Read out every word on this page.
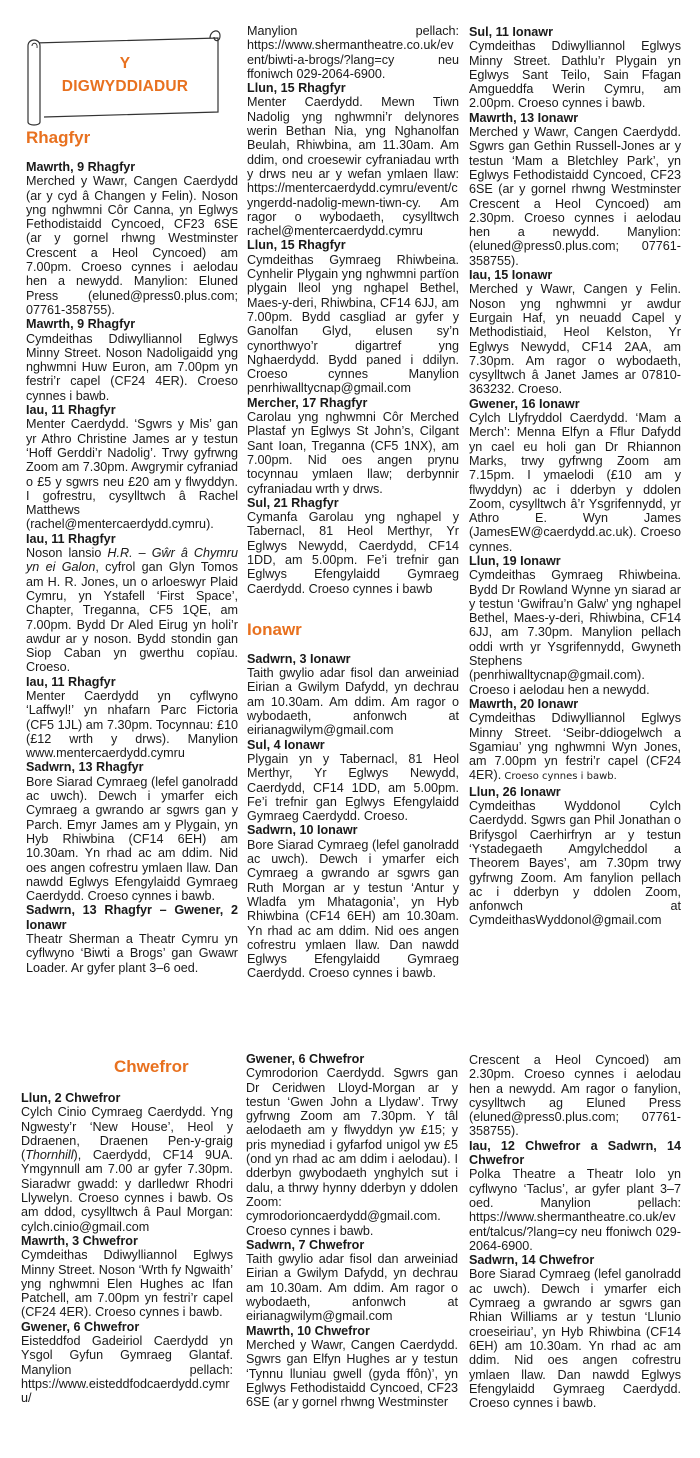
Y
DIGWYDDIADUR

Rhagfyr

Mawrth, 9 Rhagfyr

Merched y Wawr, Cangen Caerdydd (ar y cyd â Changen y Felin). Noson yng nghwmni Côr Canna, yn Eglwys Fethodistaidd Cyncoed, CF23 6SE (ar y gornel rhwng Westminster Crescent a Heol Cyncoed) am 7.00pm. Croeso cynnes i aelodau hen a newydd. Manylion: Eluned Press (eluned@press0.plus.com; 07761-358755).

Mawrth, 9 Rhagfyr

Cymdeithas Ddiwylliannol Eglwys Minny Street. Noson Nadoligaidd yng nghwmni Huw Euron, am 7.00pm yn festri’r capel (CF24 4ER). Croeso cynnes i bawb.

Iau, 11 Rhagfyr

Menter Caerdydd. ‘Sgwrs y Mis’ gan yr Athro Christine James ar y testun ‘Hoff Gerddi’r Nadolig’. Trwy gyfrwng Zoom am 7.30pm. Awgrymir cyfraniad o £5 y sgwrs neu £20 am y flwyddyn. I gofrestru, cysylltwch â Rachel Matthews (rachel@mentercaerdydd.cymru).

Iau, 11 Rhagfyr

Noson lansio H.R. – Gŵr â Chymru yn ei Galon, cyfrol gan Glyn Tomos am H. R. Jones, un o arloeswyr Plaid Cymru, yn Ystafell ‘First Space’, Chapter, Treganna, CF5 1QE, am 7.00pm. Bydd Dr Aled Eirug yn holi’r awdur ar y noson. Bydd stondin gan Siop Caban yn gwerthu copïau. Croeso.

Iau, 11 Rhagfyr

Menter Caerdydd yn cyflwyno ‘Laffwyl!’ yn nhafarn Parc Fictoria (CF5 1JL) am 7.30pm. Tocynnau: £10 (£12 wrth y drws). Manylion www.mentercaerdydd.cymru

Sadwrn, 13 Rhagfyr

Bore Siarad Cymraeg (lefel ganolradd ac uwch). Dewch i ymarfer eich Cymraeg a gwrando ar sgwrs gan y Parch. Emyr James am y Plygain, yn Hyb Rhiwbina (CF14 6EH) am 10.30am. Yn rhad ac am ddim. Nid oes angen cofrestru ymlaen llaw. Dan nawdd Eglwys Efengylaidd Gymraeg Caerdydd. Croeso cynnes i bawb.

Sadwrn, 13 Rhagfyr – Gwener, 2 Ionawr

Theatr Sherman a Theatr Cymru yn cyflwyno ‘Biwti a Brogs’ gan Gwawr Loader. Ar gyfer plant 3–6 oed.

Manylion pellach: https://www.shermantheatre.co.uk/event/biwti-a-brogs/?lang=cy neu ffoniwch 029-2064-6900.

Llun, 15 Rhagfyr

Menter Caerdydd. Mewn Tiwn Nadolig yng nghwmni’r delynores werin Bethan Nia, yng Nghanolfan Beulah, Rhiwbina, am 11.30am. Am ddim, ond croesewir cyfraniadau wrth y drws neu ar y wefan ymlaen llaw: https://mentercaerdydd.cymru/event/cyngerdd-nadolig-mewn-tiwn-cy. Am ragor o wybodaeth, cysylltwch rachel@mentercaerdydd.cymru

Llun, 15 Rhagfyr

Cymdeithas Gymraeg Rhiwbeina. Cynhelir Plygain yng nghwmni partïon plygain lleol yng nghapel Bethel, Maes-y-deri, Rhiwbina, CF14 6JJ, am 7.00pm. Bydd casgliad ar gyfer y Ganolfan Glyd, elusen sy’n cynorthwyo’r digartref yng Nghaerdydd. Bydd paned i ddilyn. Croeso cynnes Manylion penrhiwalltycnap@gmail.com

Mercher, 17 Rhagfyr

Carolau yng nghwmni Côr Merched Plastaf yn Eglwys St John’s, Cilgant Sant Ioan, Treganna (CF5 1NX), am 7.00pm. Nid oes angen prynu tocynnau ymlaen llaw; derbynnir cyfraniadau wrth y drws.

Sul, 21 Rhagfyr

Cymanfa Garolau yng nghapel y Tabernacl, 81 Heol Merthyr, Yr Eglwys Newydd, Caerdydd, CF14 1DD, am 5.00pm. Fe’i trefnir gan Eglwys Efengylaidd Gymraeg Caerdydd. Croeso cynnes i bawb

Ionawr

Sadwrn, 3 Ionawr

Taith gwylio adar fisol dan arweiniad Eirian a Gwilym Dafydd, yn dechrau am 10.30am. Am ddim. Am ragor o wybodaeth, anfonwch at eirianagwilym@gmail.com

Sul, 4 Ionawr

Plygain yn y Tabernacl, 81 Heol Merthyr, Yr Eglwys Newydd, Caerdydd, CF14 1DD, am 5.00pm. Fe’i trefnir gan Eglwys Efengylaidd Gymraeg Caerdydd. Croeso.

Sadwrn, 10 Ionawr

Bore Siarad Cymraeg (lefel ganolradd ac uwch). Dewch i ymarfer eich Cymraeg a gwrando ar sgwrs gan Ruth Morgan ar y testun ‘Antur y Wladfa ym Mhatagonia’, yn Hyb Rhiwbina (CF14 6EH) am 10.30am. Yn rhad ac am ddim. Nid oes angen cofrestru ymlaen llaw. Dan nawdd Eglwys Efengylaidd Gymraeg Caerdydd. Croeso cynnes i bawb.

Sul, 11 Ionawr

Cymdeithas Ddiwylliannol Eglwys Minny Street. Dathlu’r Plygain yn Eglwys Sant Teilo, Sain Ffagan Amgueddfa Werin Cymru, am 2.00pm. Croeso cynnes i bawb.

Mawrth, 13 Ionawr

Merched y Wawr, Cangen Caerdydd. Sgwrs gan Gethin Russell-Jones ar y testun ‘Mam a Bletchley Park’, yn Eglwys Fethodistaidd Cyncoed, CF23 6SE (ar y gornel rhwng Westminster Crescent a Heol Cyncoed) am 2.30pm. Croeso cynnes i aelodau hen a newydd. Manylion: (eluned@press0.plus.com; 07761-358755).

Iau, 15 Ionawr

Merched y Wawr, Cangen y Felin. Noson yng nghwmni yr awdur Eurgain Haf, yn neuadd Capel y Methodistiaid, Heol Kelston, Yr Eglwys Newydd, CF14 2AA, am 7.30pm. Am ragor o wybodaeth, cysylltwch â Janet James ar 07810-363232. Croeso.

Gwener, 16 Ionawr

Cylch Llyfryddol Caerdydd. ‘Mam a Merch’: Menna Elfyn a Fflur Dafydd yn cael eu holi gan Dr Rhiannon Marks, trwy gyfrwng Zoom am 7.15pm. I ymaelodi (£10 am y flwyddyn) ac i dderbyn y ddolen Zoom, cysylltwch â’r Ysgrifennydd, yr Athro E. Wyn James (JamesEW@caerdydd.ac.uk). Croeso cynnes.

Llun, 19 Ionawr

Cymdeithas Gymraeg Rhiwbeina. Bydd Dr Rowland Wynne yn siarad ar y testun ‘Gwifrau’n Galw’ yng nghapel Bethel, Maes-y-deri, Rhiwbina, CF14 6JJ, am 7.30pm. Manylion pellach oddi wrth yr Ysgrifennydd, Gwyneth Stephens (penrhiwalltycnap@gmail.com). Croeso i aelodau hen a newydd.

Mawrth, 20 Ionawr

Cymdeithas Ddiwylliannol Eglwys Minny Street. ‘Seibr-ddiogelwch a Sgamiau’ yng nghwmni Wyn Jones, am 7.00pm yn festri’r capel (CF24 4ER). Croeso cynnes i bawb.

Llun, 26 Ionawr

Cymdeithas Wyddonol Cylch Caerdydd. Sgwrs gan Phil Jonathan o Brifysgol Caerhirfryn ar y testun ‘Ystadegaeth Amgylcheddol a Theorem Bayes’, am 7.30pm trwy gyfrwng Zoom. Am fanylion pellach ac i dderbyn y ddolen Zoom, anfonwch at CymdeithasWyddonol@gmail.com

Chwefror

Llun, 2 Chwefror

Cylch Cinio Cymraeg Caerdydd. Yng Ngwesty’r ‘New House’, Heol y Ddraenen, Draenen Pen-y-graig (Thornhill), Caerdydd, CF14 9UA. Ymgynnull am 7.00 ar gyfer 7.30pm. Siaradwr gwadd: y darlledwr Rhodri Llywelyn. Croeso cynnes i bawb. Os am ddod, cysylltwch â Paul Morgan: cylch.cinio@gmail.com

Mawrth, 3 Chwefror

Cymdeithas Ddiwylliannol Eglwys Minny Street. Noson ‘Wrth fy Ngwaith’ yng nghwmni Elen Hughes ac Ifan Patchell, am 7.00pm yn festri’r capel (CF24 4ER). Croeso cynnes i bawb.

Gwener, 6 Chwefror

Eisteddfod Gadeiriol Caerdydd yn Ysgol Gyfun Gymraeg Glantaf. Manylion pellach: https://www.eisteddfodcaerdydd.cymru/

Gwener, 6 Chwefror

Cymrodorion Caerdydd. Sgwrs gan Dr Ceridwen Lloyd-Morgan ar y testun ‘Gwen John a Llydaw’. Trwy gyfrwng Zoom am 7.30pm. Y tâl aelodaeth am y flwyddyn yw £15; y pris mynediad i gyfarfod unigol yw £5 (ond yn rhad ac am ddim i aelodau). I dderbyn gwybodaeth ynghylch sut i dalu, a thrwy hynny dderbyn y ddolen Zoom: cymrodorioncaerdydd@gmail.com. Croeso cynnes i bawb.

Sadwrn, 7 Chwefror

Taith gwylio adar fisol dan arweiniad Eirian a Gwilym Dafydd, yn dechrau am 10.30am. Am ddim. Am ragor o wybodaeth, anfonwch at eirianagwilym@gmail.com

Mawrth, 10 Chwefror

Merched y Wawr, Cangen Caerdydd. Sgwrs gan Elfyn Hughes ar y testun ‘Tynnu lluniau gwell (gyda ffôn)’, yn Eglwys Fethodistaidd Cyncoed, CF23 6SE (ar y gornel rhwng Westminster

Crescent a Heol Cyncoed) am 2.30pm. Croeso cynnes i aelodau hen a newydd. Am ragor o fanylion, cysylltwch ag Eluned Press (eluned@press0.plus.com; 07761-358755).

Iau, 12 Chwefror a Sadwrn, 14 Chwefror

Polka Theatre a Theatr Iolo yn cyflwyno ‘Taclus’, ar gyfer plant 3–7 oed. Manylion pellach: https://www.shermantheatre.co.uk/event/talcus/?lang=cy neu ffoniwch 029-2064-6900.

Sadwrn, 14 Chwefror

Bore Siarad Cymraeg (lefel ganolradd ac uwch). Dewch i ymarfer eich Cymraeg a gwrando ar sgwrs gan Rhian Williams ar y testun ‘Llunio croeseiriau’, yn Hyb Rhiwbina (CF14 6EH) am 10.30am. Yn rhad ac am ddim. Nid oes angen cofrestru ymlaen llaw. Dan nawdd Eglwys Efengylaidd Gymraeg Caerdydd. Croeso cynnes i bawb.
